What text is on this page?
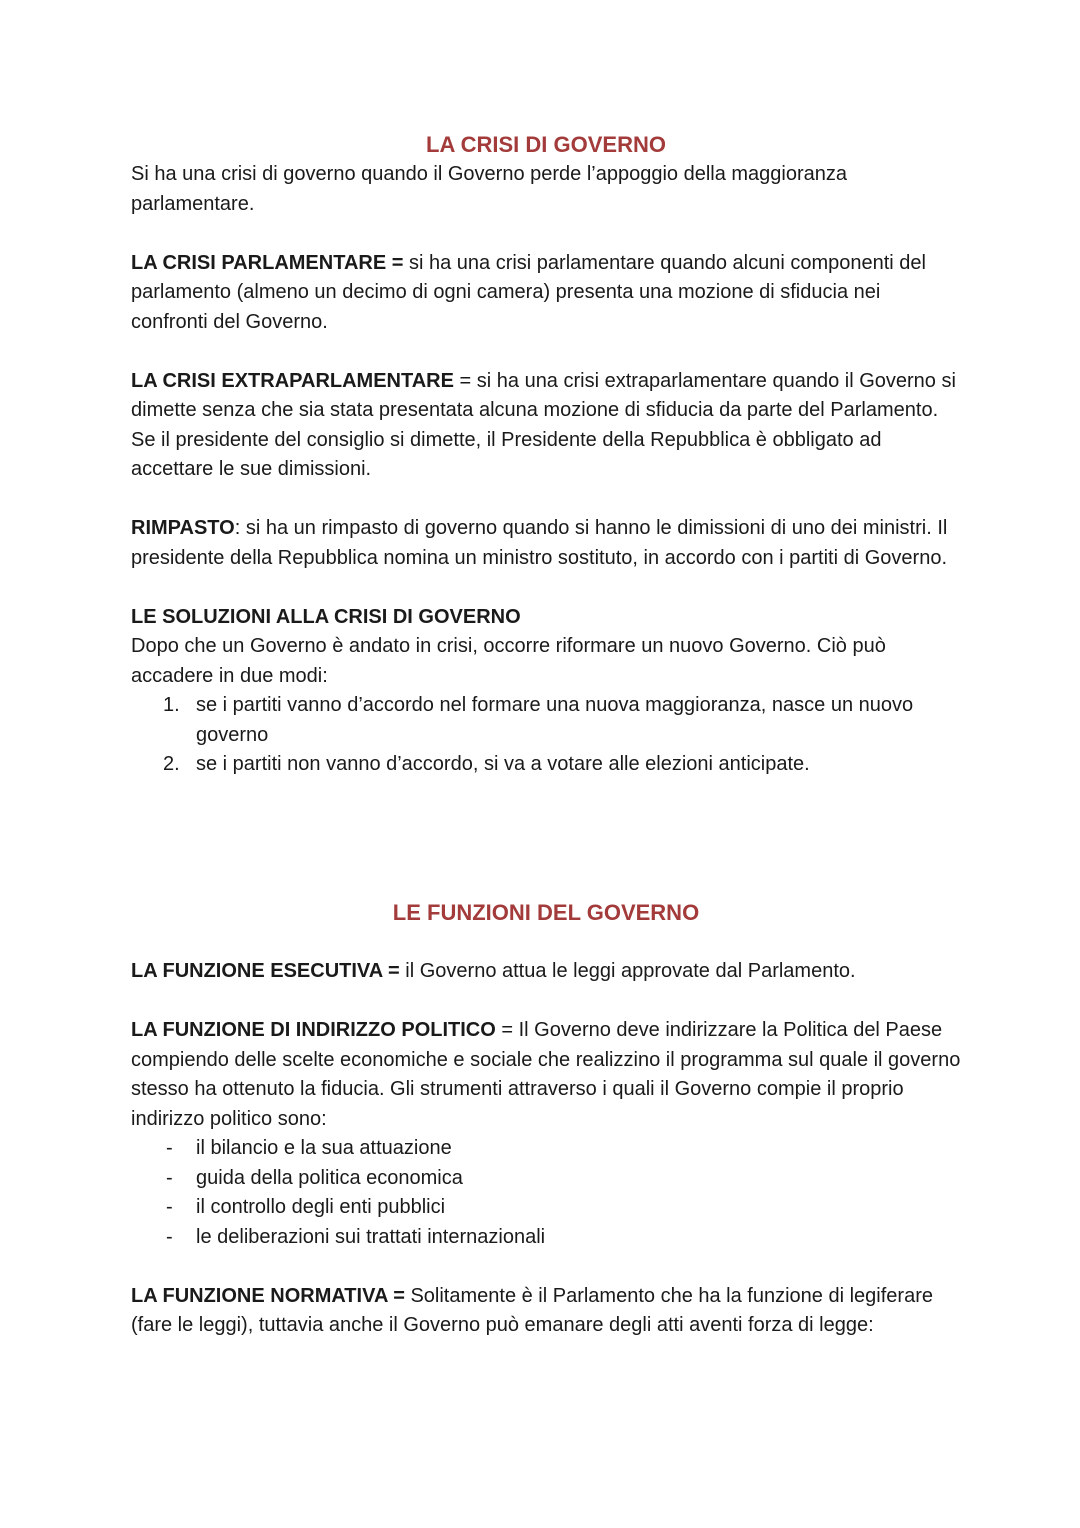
LA CRISI DI GOVERNO

Si ha una crisi di governo quando il Governo perde l’appoggio della maggioranza parlamentare.

LA CRISI PARLAMENTARE = si ha una crisi parlamentare quando alcuni componenti del parlamento (almeno un decimo di ogni camera) presenta una mozione di sfiducia nei confronti del Governo.

LA CRISI EXTRAPARLAMENTARE = si ha una crisi extraparlamentare quando il Governo si dimette senza che sia stata presentata alcuna mozione di sfiducia da parte del Parlamento. Se il presidente del consiglio si dimette, il Presidente della Repubblica è obbligato ad accettare le sue dimissioni.

RIMPASTO: si ha un rimpasto di governo quando si hanno le dimissioni di uno dei ministri. Il presidente della Repubblica nomina un ministro sostituto, in accordo con i partiti di Governo.

LE SOLUZIONI ALLA CRISI DI GOVERNO

Dopo che un Governo è andato in crisi, occorre riformare un nuovo Governo. Ciò può accadere in due modi:

1. se i partiti vanno d’accordo nel formare una nuova maggioranza, nasce un nuovo governo
2. se i partiti non vanno d’accordo, si va a votare alle elezioni anticipate.
LE FUNZIONI DEL GOVERNO

LA FUNZIONE ESECUTIVA = il Governo attua le leggi approvate dal Parlamento.

LA FUNZIONE DI INDIRIZZO POLITICO = Il Governo deve indirizzare la Politica del Paese compiendo delle scelte economiche e sociale che realizzino il programma sul quale il governo stesso ha ottenuto la fiducia. Gli strumenti attraverso i quali il Governo compie il proprio indirizzo politico sono:

- il bilancio e la sua attuazione
- guida della politica economica
- il controllo degli enti pubblici
- le deliberazioni sui trattati internazionali

LA FUNZIONE NORMATIVA = Solitamente è il Parlamento che ha la funzione di legiferare (fare le leggi), tuttavia anche il Governo può emanare degli atti aventi forza di legge:
